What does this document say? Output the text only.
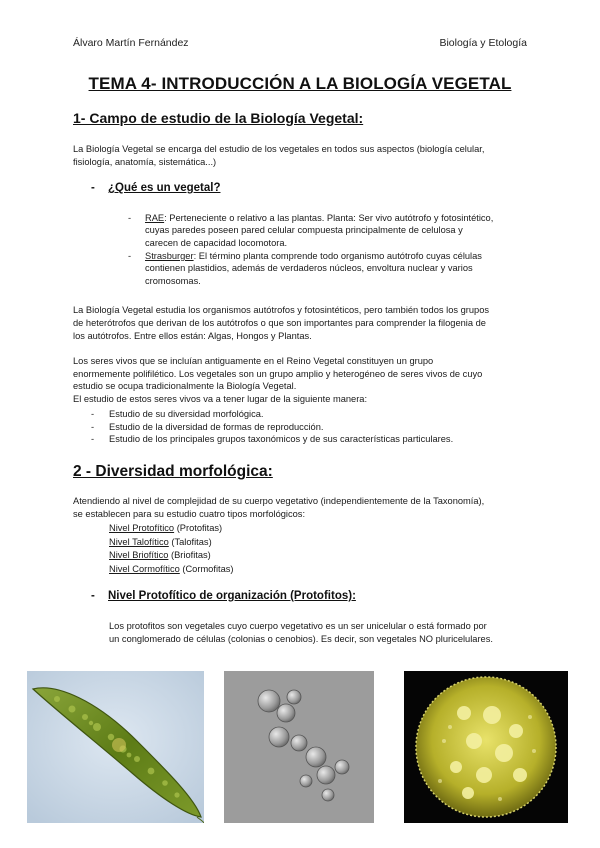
Álvaro Martín Fernández	Biología y Etología
TEMA 4- INTRODUCCIÓN A LA BIOLOGÍA VEGETAL
1- Campo de estudio de la Biología Vegetal:
La Biología Vegetal se encarga del estudio de los vegetales en todos sus aspectos (biología celular,
fisiología, anatomía, sistemática...)
- ¿Qué es un vegetal?
- RAE: Perteneciente o relativo a las plantas. Planta: Ser vivo autótrofo y fotosintético,
cuyas paredes poseen pared celular compuesta principalmente de celulosa y
carecen de capacidad locomotora.
- Strasburger: El término planta comprende todo organismo autótrofo cuyas células
contienen plastidios, además de verdaderos núcleos, envoltura nuclear y varios
cromosomas.
La Biología Vegetal estudia los organismos autótrofos y fotosintéticos, pero también todos los grupos
de heterótrofos que derivan de los autótrofos o que son importantes para comprender la filogenia de
los autótrofos. Entre ellos están: Algas, Hongos y Plantas.
Los seres vivos que se incluían antiguamente en el Reino Vegetal constituyen un grupo
enormemente polifilético. Los vegetales son un grupo amplio y heterogéneo de seres vivos de cuyo
estudio se ocupa tradicionalmente la Biología Vegetal.
El estudio de estos seres vivos va a tener lugar de la siguiente manera:
- Estudio de su diversidad morfológica.
- Estudio de la diversidad de formas de reproducción.
- Estudio de los principales grupos taxonómicos y de sus características particulares.
2 - Diversidad morfológica:
Atendiendo al nivel de complejidad de su cuerpo vegetativo (independientemente de la Taxonomía),
se establecen para su estudio cuatro tipos morfológicos:
Nivel Protofítico (Protofitas)
Nivel Talofítico (Talofitas)
Nivel Briofítico (Briofitas)
Nivel Cormofítico (Cormofitas)
- Nivel Protofítico de organización (Protofitos):
Los protofitos son vegetales cuyo cuerpo vegetativo es un ser unicelular o está formado por
un conglomerado de células (colonias o cenobios). Es decir, son vegetales NO pluricelulares.
